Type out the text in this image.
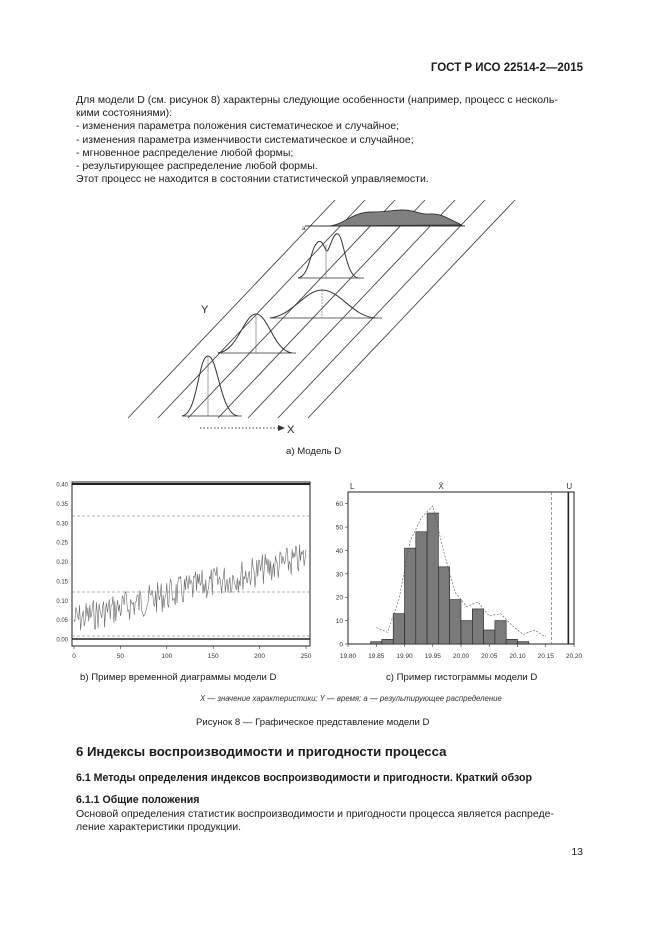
ГОСТ Р ИСО 22514-2—2015
Для модели D (см. рисунок 8) характерны следующие особенности (например, процесс с несколь-
кими состояниями):
- изменения параметра положения систематическое и случайное;
- изменения параметра изменчивости систематическое и случайное;
- мгновенное распределение любой формы;
- результирующее распределение любой формы.
Этот процесс не находится в состоянии статистической управляемости.
a
Y
X
a) Модель D
0.40
0.35
0.30
0.25
0.20
0.15
0.10
0.05
0.00
0	50	100	150	200	250
b) Пример временной диаграммы модели D
0
10
20
30
40
50
60
19.80 19.85 19.90 19.95 20.00 20.05 20.10 20.15 20.20
L	X̄	U
c) Пример гистограммы модели D
X — значение характеристики; Y — время; a — результирующее распределение
Рисунок 8 — Графическое представление модели D
6 Индексы воспроизводимости и пригодности процесса
6.1 Методы определения индексов воспроизводимости и пригодности. Краткий обзор
6.1.1 Общие положения
Основой определения статистик воспроизводимости и пригодности процесса является распреде-
ление характеристики продукции.
13
